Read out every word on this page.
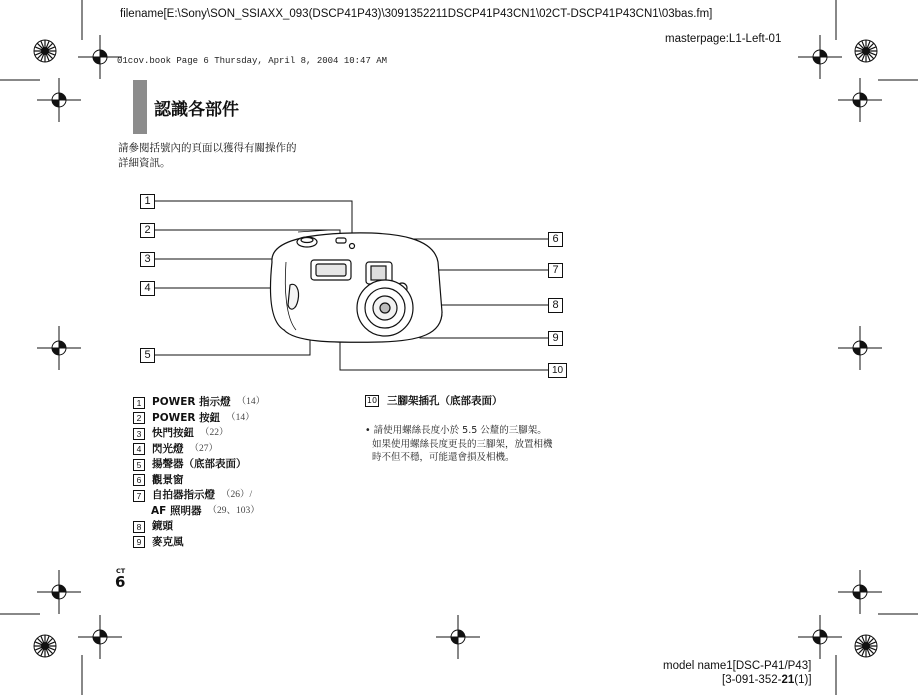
filename[E:\Sony\SON_SSIAXX_093(DSCP41P43)\3091352211DSCP41P43CN1\02CT-DSCP41P43CN1\03bas.fm]
masterpage:L1-Left-01
01cov.book Page 6 Thursday, April 8, 2004 10:47 AM
認識各部件
請參閱括號內的頁面以獲得有關操作的
詳細資訊。
1
2
3
4
5
6
7
8
9
10
1	POWER 指示燈 （14）
2	POWER 按鈕 （14）
3	快門按鈕 （22）
4	閃光燈 （27）
5	揚聲器（底部表面）
6	觀景窗
7	自拍器指示燈 （26）/
AF 照明器 （29、103）
8	鏡頭
9	麥克風
10 三腳架插孔（底部表面）
• 請使用螺絲長度小於 5.5 公釐的三腳架。
如果使用螺絲長度更長的三腳架，放置相機
時不但不穩，可能還會損及相機。
CT
6
model name1[DSC-P41/P43]
[3-091-352-21(1)]
